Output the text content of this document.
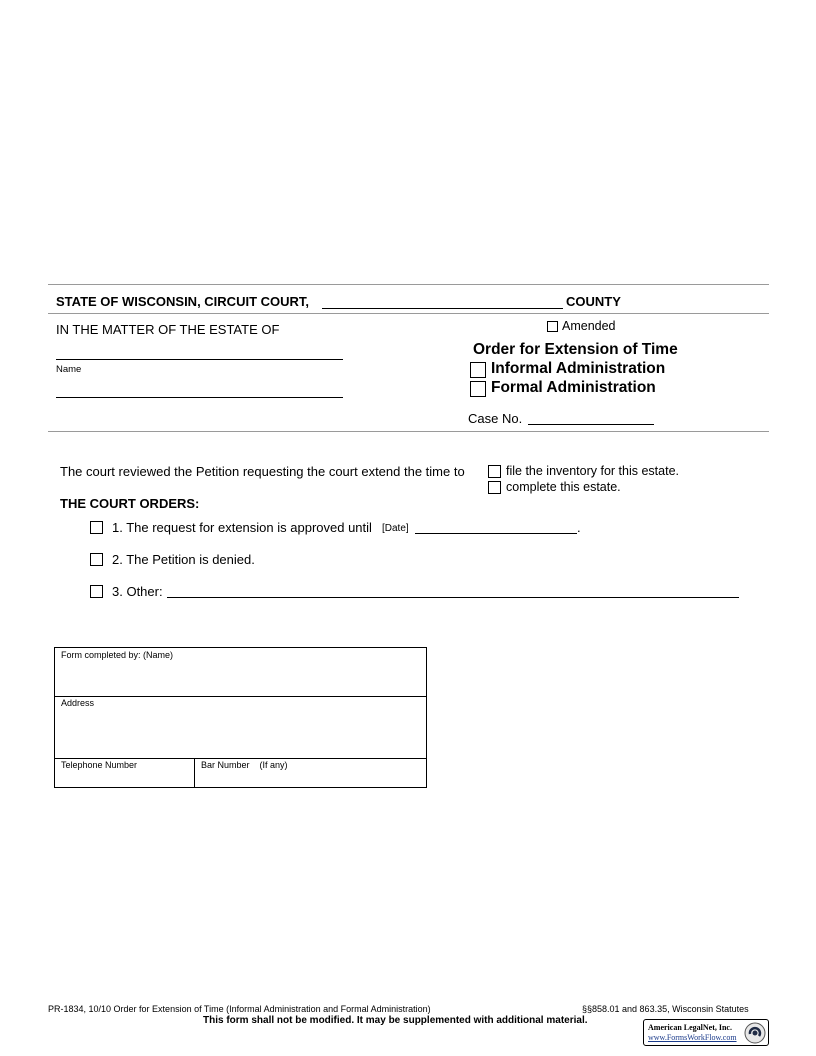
STATE OF WISCONSIN, CIRCUIT COURT,	COUNTY
IN THE MATTER OF THE ESTATE OF
Name
Amended
Order for Extension of Time
Informal Administration
Formal Administration
Case No.
The court reviewed the Petition requesting the court extend the time to	file the inventory for this estate.
complete this estate.
THE COURT ORDERS:
1. The request for extension is approved until [Date]	.
2. The Petition is denied.
3. Other:
Form completed by: (Name)
Address
Telephone Number	Bar Number    (If any)
PR-1834, 10/10 Order for Extension of Time (Informal Administration and Formal Administration)	§§858.01 and 863.35, Wisconsin Statutes
This form shall not be modified. It may be supplemented with additional material.
American LegalNet, Inc.
www.FormsWorkFlow.com
